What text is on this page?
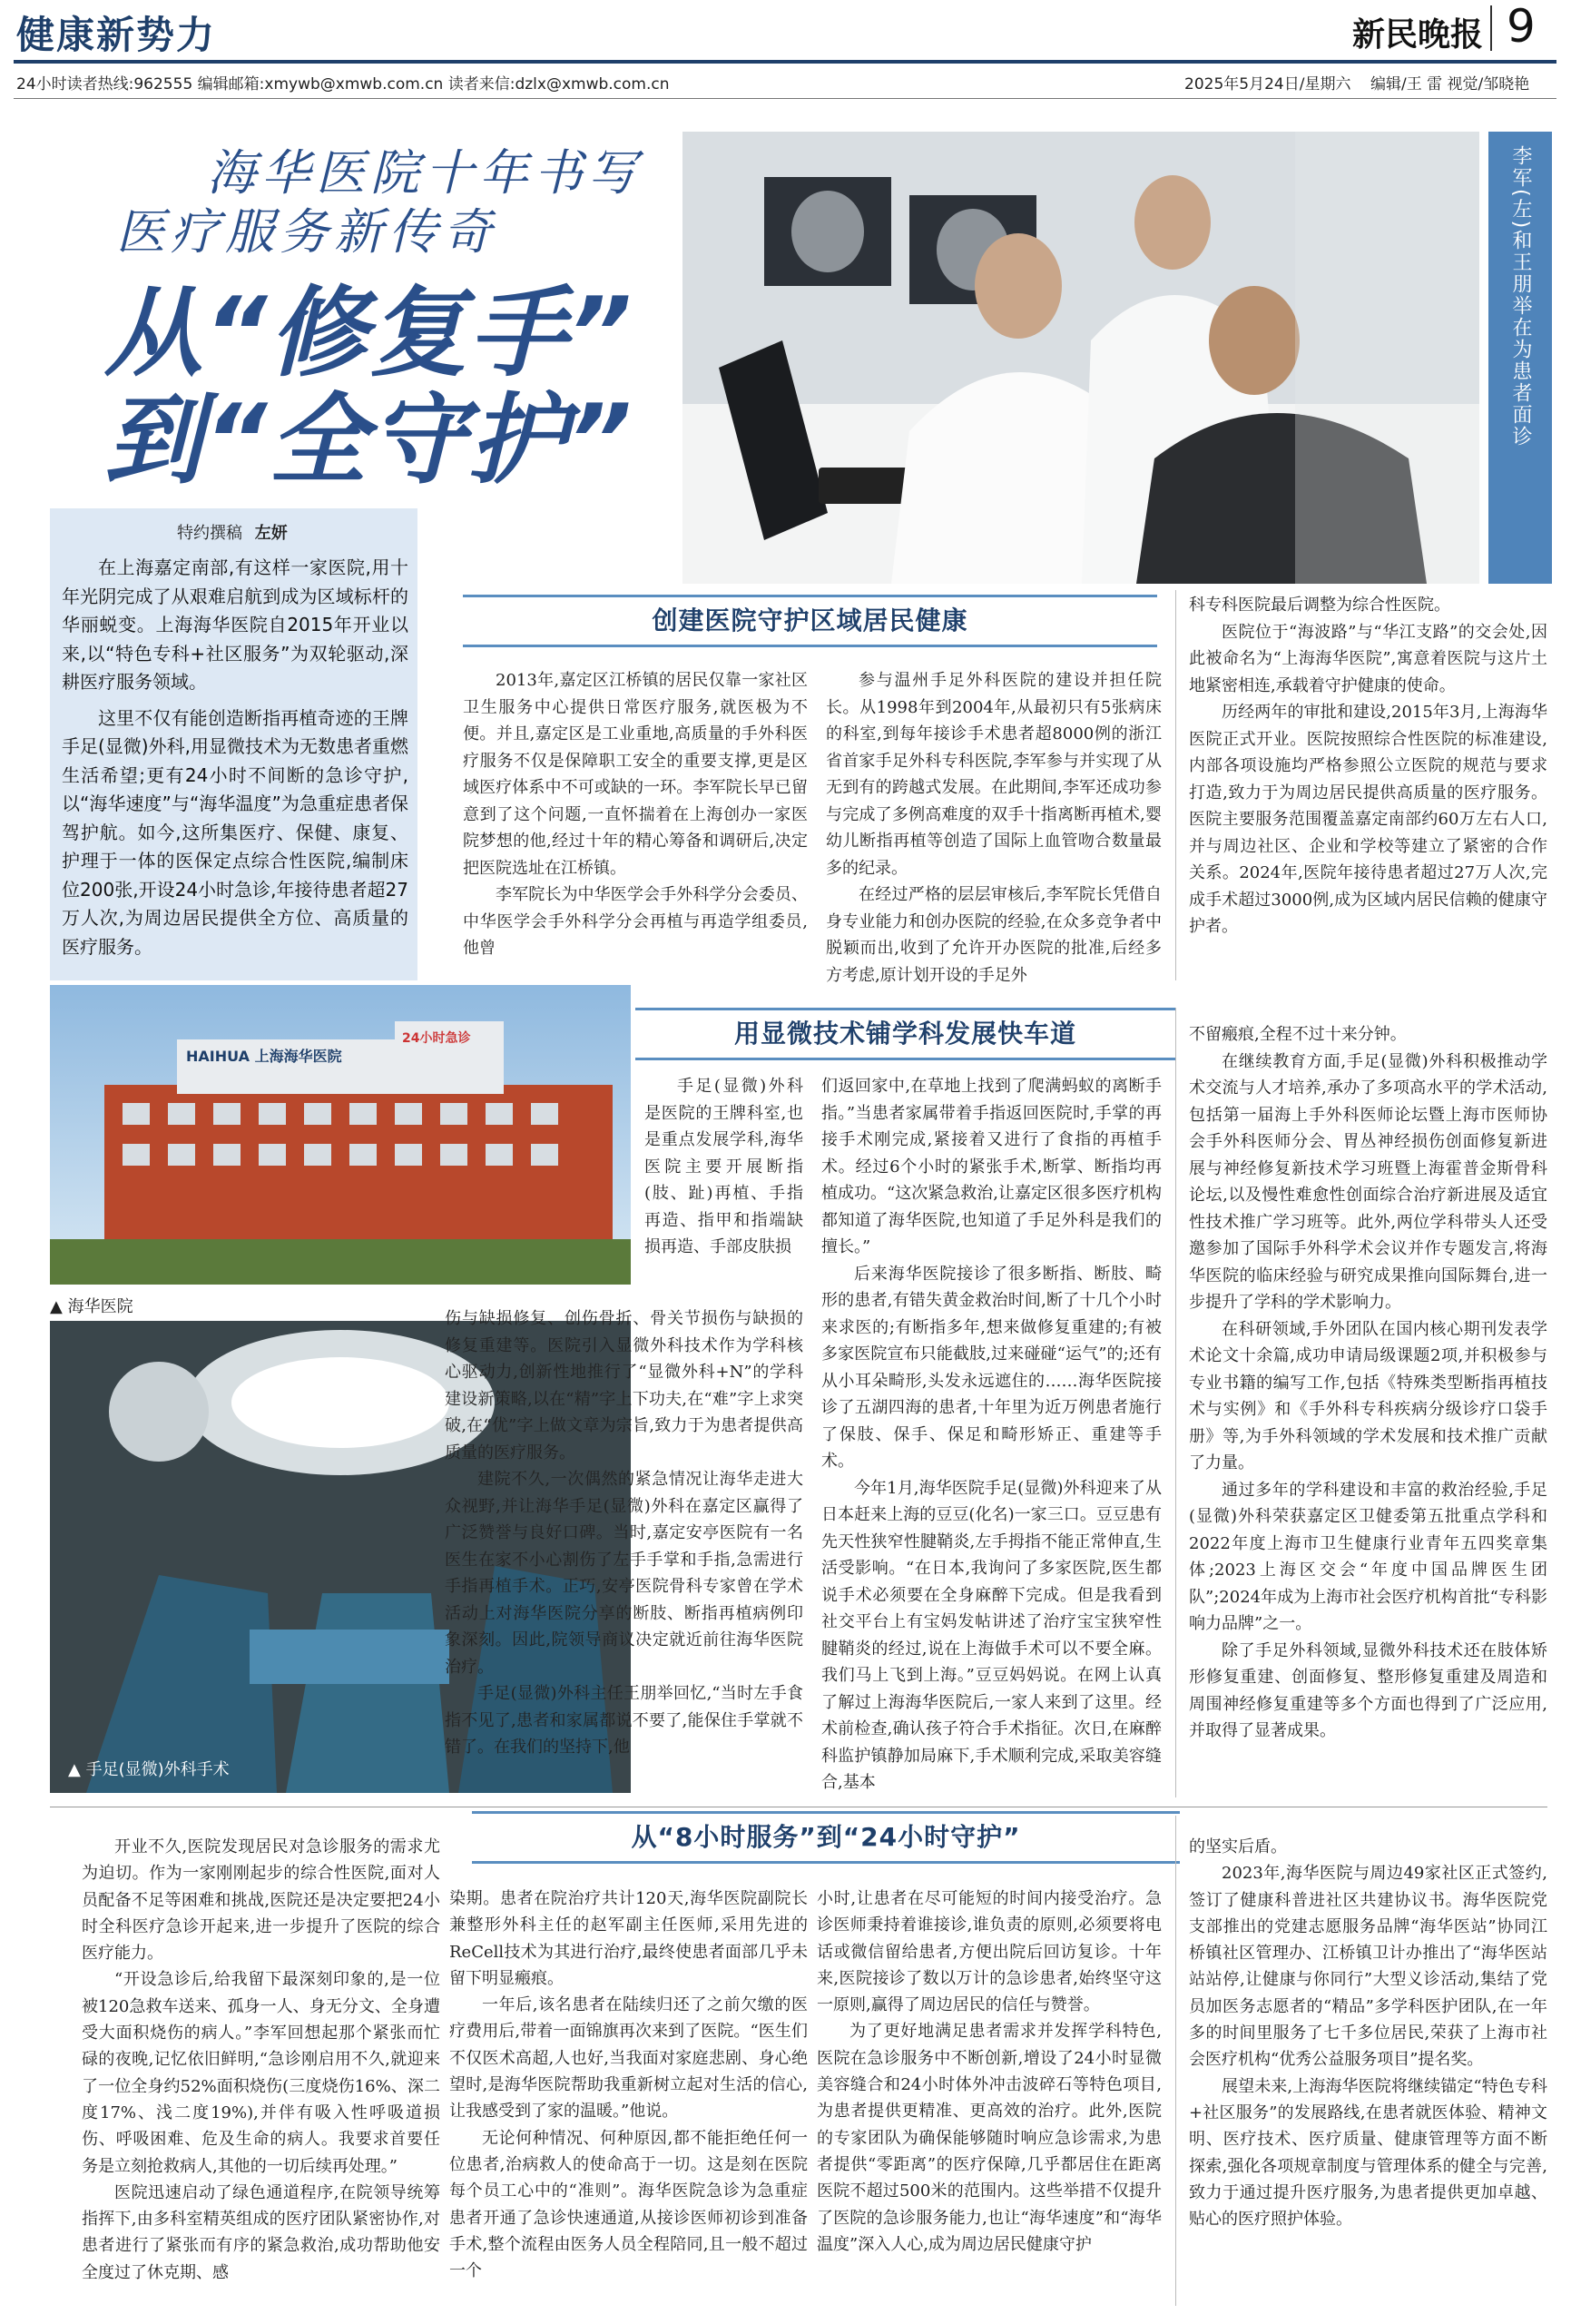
健康新势力	新民晚报 9
24小时读者热线:962555 编辑邮箱:xmywb@xmwb.com.cn 读者来信:dzlx@xmwb.com.cn	2025年5月24日/星期六 编辑/王 雷 视觉/邹晓艳
海华医院十年书写
医疗服务新传奇
从“修复手”
到“全守护”	李军(左)和王朋举在为患者面诊
特约撰稿 左妍

在上海嘉定南部,有这样一家医院,用十年光阴完成了从艰难启航到成为区域标杆的华丽蜕变。上海海华医院自2015年开业以来,以“特色专科+社区服务”为双轮驱动,深耕医疗服务领域。

这里不仅有能创造断指再植奇迹的王牌手足(显微)外科,用显微技术为无数患者重燃生活希望;更有24小时不间断的急诊守护,以“海华速度”与“海华温度”为急重症患者保驾护航。如今,这所集医疗、保健、康复、护理于一体的医保定点综合性医院,编制床位200张,开设24小时急诊,年接待患者超27万人次,为周边居民提供全方位、高质量的医疗服务。

创建医院守护区域居民健康

2013年,嘉定区江桥镇的居民仅靠一家社区卫生服务中心提供日常医疗服务,就医极为不便。并且,嘉定区是工业重地,高质量的手外科医疗服务不仅是保障职工安全的重要支撑,更是区域医疗体系中不可或缺的一环。李军院长早已留意到了这个问题,一直怀揣着在上海创办一家医院梦想的他,经过十年的精心筹备和调研后,决定把医院选址在江桥镇。

李军院长为中华医学会手外科学分会委员、中华医学会手外科学分会再植与再造学组委员,他曾

参与温州手足外科医院的建设并担任院长。从1998年到2004年,从最初只有5张病床的科室,到每年接诊手术患者超8000例的浙江省首家手足外科专科医院,李军参与并实现了从无到有的跨越式发展。在此期间,李军还成功参与完成了多例高难度的双手十指离断再植术,婴幼儿断指再植等创造了国际上血管吻合数量最多的纪录。

在经过严格的层层审核后,李军院长凭借自身专业能力和创办医院的经验,在众多竞争者中脱颖而出,收到了允许开办医院的批准,后经多方考虑,原计划开设的手足外

科专科医院最后调整为综合性医院。

医院位于“海波路”与“华江支路”的交会处,因此被命名为“上海海华医院”,寓意着医院与这片土地紧密相连,承载着守护健康的使命。

历经两年的审批和建设,2015年3月,上海海华医院正式开业。医院按照综合性医院的标准建设,内部各项设施均严格参照公立医院的规范与要求打造,致力于为周边居民提供高质量的医疗服务。医院主要服务范围覆盖嘉定南部约60万左右人口,并与周边社区、企业和学校等建立了紧密的合作关系。2024年,医院年接待患者超过27万人次,完成手术超过3000例,成为区域内居民信赖的健康守护者。

HAIHUA 上海海华医院
24小时急诊
▲ 海华医院
▲ 手足(显微)外科手术
用显微技术铺学科发展快车道

手足(显微)外科是医院的王牌科室,也是重点发展学科,海华医院主要开展断指(肢、趾)再植、手指再造、指甲和指端缺损再造、手部皮肤损

伤与缺损修复、创伤骨折、骨关节损伤与缺损的修复重建等。医院引入显微外科技术作为学科核心驱动力,创新性地推行了“显微外科+N”的学科建设新策略,以在“精”字上下功夫,在“难”字上求突破,在“优”字上做文章为宗旨,致力于为患者提供高质量的医疗服务。

建院不久,一次偶然的紧急情况让海华走进大众视野,并让海华手足(显微)外科在嘉定区赢得了广泛赞誉与良好口碑。当时,嘉定安亭医院有一名医生在家不小心割伤了左手手掌和手指,急需进行手指再植手术。正巧,安亭医院骨科专家曾在学术活动上对海华医院分享的断肢、断指再植病例印象深刻。因此,院领导商议决定就近前往海华医院治疗。

手足(显微)外科主任王朋举回忆,“当时左手食指不见了,患者和家属都说不要了,能保住手掌就不错了。在我们的坚持下,他

们返回家中,在草地上找到了爬满蚂蚁的离断手指。”当患者家属带着手指返回医院时,手掌的再接手术刚完成,紧接着又进行了食指的再植手术。经过6个小时的紧张手术,断掌、断指均再植成功。“这次紧急救治,让嘉定区很多医疗机构都知道了海华医院,也知道了手足外科是我们的擅长。”

后来海华医院接诊了很多断指、断肢、畸形的患者,有错失黄金救治时间,断了十几个小时来求医的;有断指多年,想来做修复重建的;有被多家医院宣布只能截肢,过来碰碰“运气”的;还有从小耳朵畸形,头发永远遮住的……海华医院接诊了五湖四海的患者,十年里为近万例患者施行了保肢、保手、保足和畸形矫正、重建等手术。

今年1月,海华医院手足(显微)外科迎来了从日本赶来上海的豆豆(化名)一家三口。豆豆患有先天性狭窄性腱鞘炎,左手拇指不能正常伸直,生活受影响。“在日本,我询问了多家医院,医生都说手术必须要在全身麻醉下完成。但是我看到社交平台上有宝妈发帖讲述了治疗宝宝狭窄性腱鞘炎的经过,说在上海做手术可以不要全麻。我们马上飞到上海。”豆豆妈妈说。在网上认真了解过上海海华医院后,一家人来到了这里。经术前检查,确认孩子符合手术指征。次日,在麻醉科监护镇静加局麻下,手术顺利完成,采取美容缝合,基本

不留瘢痕,全程不过十来分钟。

在继续教育方面,手足(显微)外科积极推动学术交流与人才培养,承办了多项高水平的学术活动,包括第一届海上手外科医师论坛暨上海市医师协会手外科医师分会、胃丛神经损伤创面修复新进展与神经修复新技术学习班暨上海霍普金斯骨科论坛,以及慢性难愈性创面综合治疗新进展及适宜性技术推广学习班等。此外,两位学科带头人还受邀参加了国际手外科学术会议并作专题发言,将海华医院的临床经验与研究成果推向国际舞台,进一步提升了学科的学术影响力。

在科研领域,手外团队在国内核心期刊发表学术论文十余篇,成功申请局级课题2项,并积极参与专业书籍的编写工作,包括《特殊类型断指再植技术与实例》和《手外科专科疾病分级诊疗口袋手册》等,为手外科领域的学术发展和技术推广贡献了力量。

通过多年的学科建设和丰富的救治经验,手足(显微)外科荣获嘉定区卫健委第五批重点学科和2022年度上海市卫生健康行业青年五四奖章集体;2023上海区交会“年度中国品牌医生团队”;2024年成为上海市社会医疗机构首批“专科影响力品牌”之一。

除了手足外科领域,显微外科技术还在肢体矫形修复重建、创面修复、整形修复重建及周造和周围神经修复重建等多个方面也得到了广泛应用,并取得了显著成果。

从“8小时服务”到“24小时守护”

开业不久,医院发现居民对急诊服务的需求尤为迫切。作为一家刚刚起步的综合性医院,面对人员配备不足等困难和挑战,医院还是决定要把24小时全科医疗急诊开起来,进一步提升了医院的综合医疗能力。

“开设急诊后,给我留下最深刻印象的,是一位被120急救车送来、孤身一人、身无分文、全身遭受大面积烧伤的病人。”李军回想起那个紧张而忙碌的夜晚,记忆依旧鲜明,“急诊刚启用不久,就迎来了一位全身约52%面积烧伤(三度烧伤16%、深二度17%、浅二度19%),并伴有吸入性呼吸道损伤、呼吸困难、危及生命的病人。我要求首要任务是立刻抢救病人,其他的一切后续再处理。”

医院迅速启动了绿色通道程序,在院领导统筹指挥下,由多科室精英组成的医疗团队紧密协作,对患者进行了紧张而有序的紧急救治,成功帮助他安全度过了休克期、感

染期。患者在院治疗共计120天,海华医院副院长兼整形外科主任的赵军副主任医师,采用先进的ReCell技术为其进行治疗,最终使患者面部几乎未留下明显瘢痕。

一年后,该名患者在陆续归还了之前欠缴的医疗费用后,带着一面锦旗再次来到了医院。“医生们不仅医术高超,人也好,当我面对家庭悲剧、身心绝望时,是海华医院帮助我重新树立起对生活的信心,让我感受到了家的温暖。”他说。

无论何种情况、何种原因,都不能拒绝任何一位患者,治病救人的使命高于一切。这是刻在医院每个员工心中的“准则”。海华医院急诊为急重症患者开通了急诊快速通道,从接诊医师初诊到准备手术,整个流程由医务人员全程陪同,且一般不超过一个

小时,让患者在尽可能短的时间内接受治疗。急诊医师秉持着谁接诊,谁负责的原则,必须要将电话或微信留给患者,方便出院后回访复诊。十年来,医院接诊了数以万计的急诊患者,始终坚守这一原则,赢得了周边居民的信任与赞誉。

为了更好地满足患者需求并发挥学科特色,医院在急诊服务中不断创新,增设了24小时显微美容缝合和24小时体外冲击波碎石等特色项目,为患者提供更精准、更高效的治疗。此外,医院的专家团队为确保能够随时响应急诊需求,为患者提供“零距离”的医疗保障,几乎都居住在距离医院不超过500米的范围内。这些举措不仅提升了医院的急诊服务能力,也让“海华速度”和“海华温度”深入人心,成为周边居民健康守护

的坚实后盾。

2023年,海华医院与周边49家社区正式签约,签订了健康科普进社区共建协议书。海华医院党支部推出的党建志愿服务品牌“海华医站”协同江桥镇社区管理办、江桥镇卫计办推出了“海华医站站站停,让健康与你同行”大型义诊活动,集结了党员加医务志愿者的“精品”多学科医护团队,在一年多的时间里服务了七千多位居民,荣获了上海市社会医疗机构“优秀公益服务项目”提名奖。

展望未来,上海海华医院将继续锚定“特色专科+社区服务”的发展路线,在患者就医体验、精神文明、医疗技术、医疗质量、健康管理等方面不断探索,强化各项规章制度与管理体系的健全与完善,致力于通过提升医疗服务,为患者提供更加卓越、贴心的医疗照护体验。
